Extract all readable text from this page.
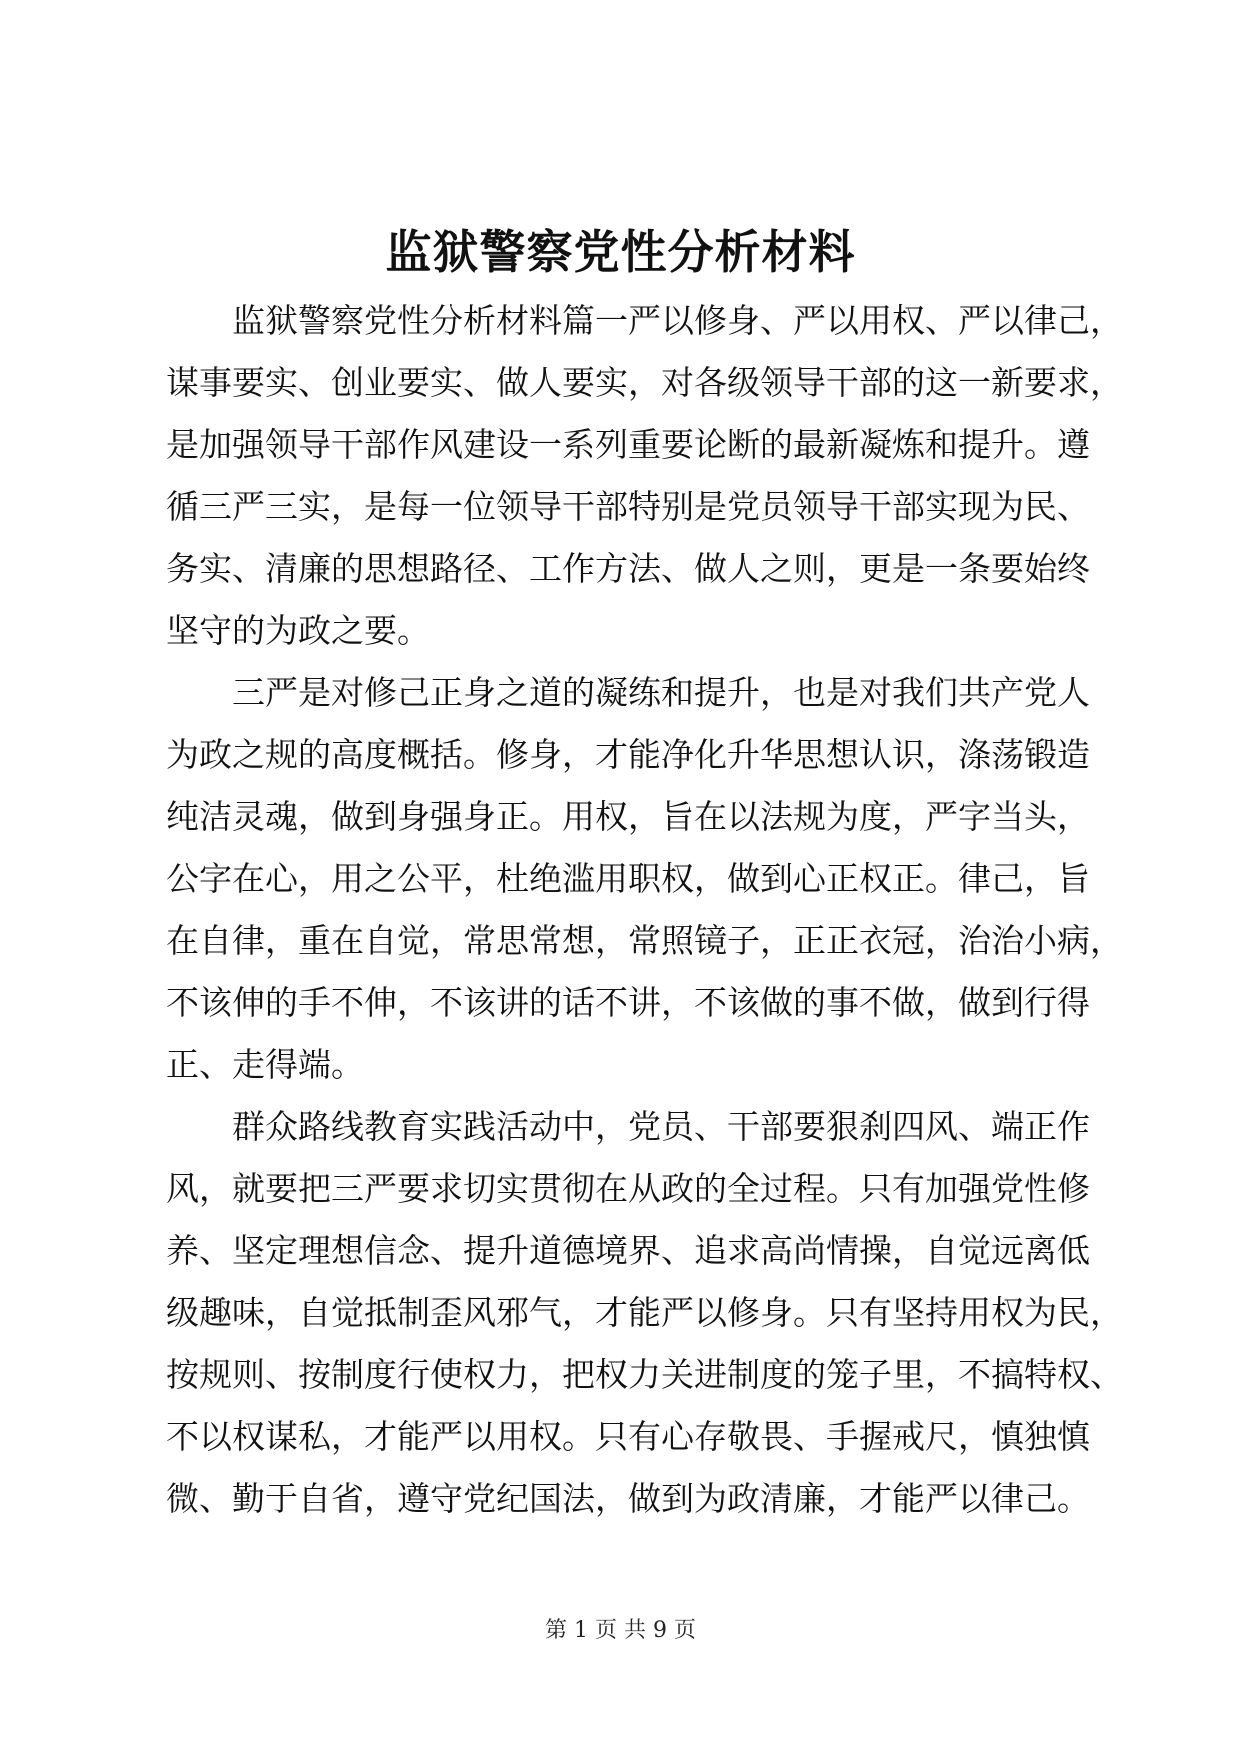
监狱警察党性分析材料
监狱警察党性分析材料篇一严以修身、严以用权、严以律己，
谋事要实、创业要实、做人要实，对各级领导干部的这一新要求，
是加强领导干部作风建设一系列重要论断的最新凝炼和提升。遵
循三严三实，是每一位领导干部特别是党员领导干部实现为民、
务实、清廉的思想路径、工作方法、做人之则，更是一条要始终
坚守的为政之要。
三严是对修己正身之道的凝练和提升，也是对我们共产党人
为政之规的高度概括。修身，才能净化升华思想认识，涤荡锻造
纯洁灵魂，做到身强身正。用权，旨在以法规为度，严字当头，
公字在心，用之公平，杜绝滥用职权，做到心正权正。律己，旨
在自律，重在自觉，常思常想，常照镜子，正正衣冠，治治小病，
不该伸的手不伸，不该讲的话不讲，不该做的事不做，做到行得
正、走得端。
群众路线教育实践活动中，党员、干部要狠刹四风、端正作
风，就要把三严要求切实贯彻在从政的全过程。只有加强党性修
养、坚定理想信念、提升道德境界、追求高尚情操，自觉远离低
级趣味，自觉抵制歪风邪气，才能严以修身。只有坚持用权为民，
按规则、按制度行使权力，把权力关进制度的笼子里，不搞特权、
不以权谋私，才能严以用权。只有心存敬畏、手握戒尺，慎独慎
微、勤于自省，遵守党纪国法，做到为政清廉，才能严以律己。
第 1 页 共 9 页
